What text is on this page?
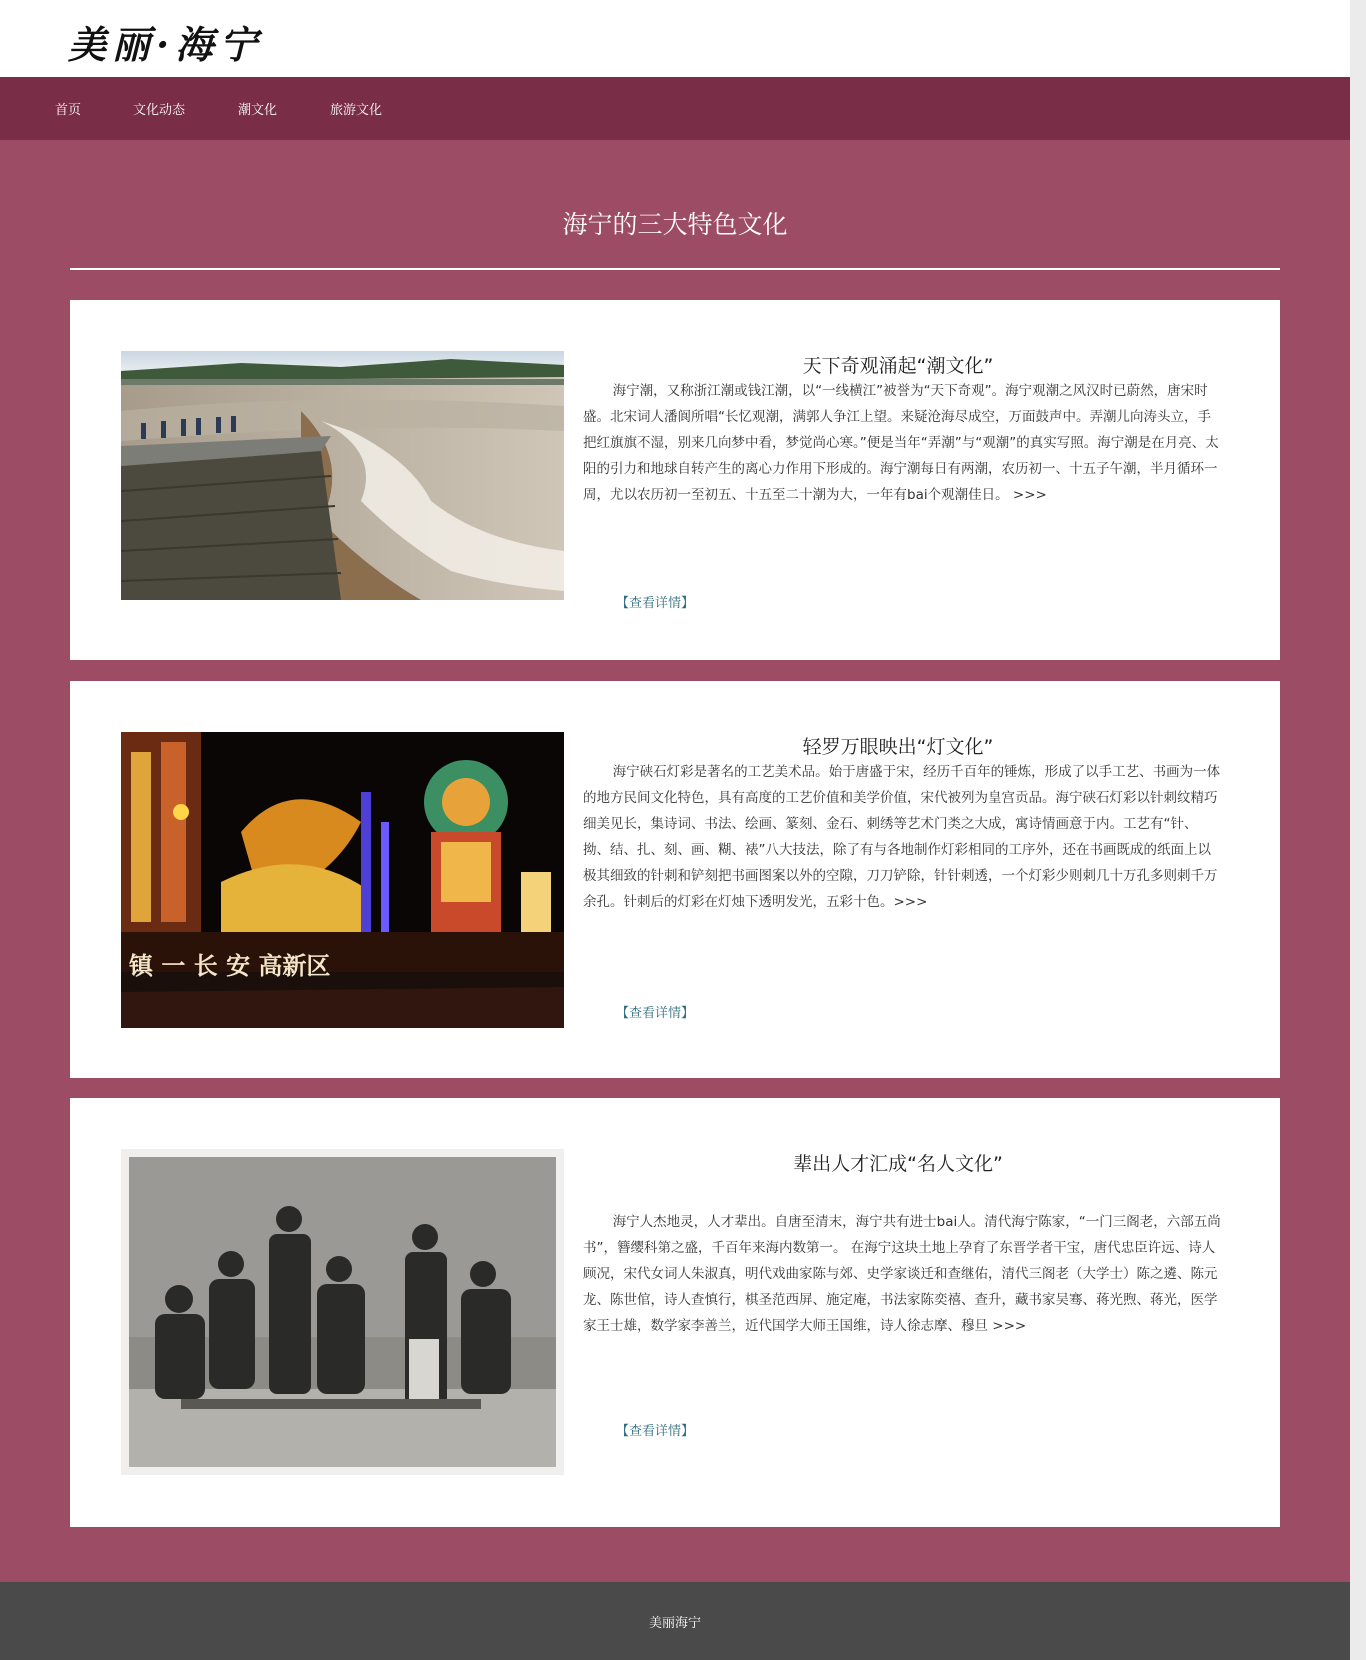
美丽·海宁
首页	文化动态	潮文化	旅游文化
海宁的三大特色文化
天下奇观涌起“潮文化”
海宁潮，又称浙江潮或钱江潮，以“一线横江”被誉为“天下奇观”。海宁观潮之风汉时已蔚然，唐宋时盛。北宋词人潘阆所唱“长忆观潮，满郭人争江上望。来疑沧海尽成空，万面鼓声中。弄潮儿向涛头立，手把红旗旗不湿，别来几向梦中看，梦觉尚心寒。”便是当年“弄潮”与“观潮”的真实写照。海宁潮是在月亮、太阳的引力和地球自转产生的离心力作用下形成的。海宁潮每日有两潮，农历初一、十五子午潮，半月循环一周，尤以农历初一至初五、十五至二十潮为大，一年有bai个观潮佳日。 >>>
【查看详情】
镇 一 长 安 高新区
轻罗万眼映出“灯文化”
海宁硖石灯彩是著名的工艺美术品。始于唐盛于宋，经历千百年的锤炼，形成了以手工艺、书画为一体的地方民间文化特色，具有高度的工艺价值和美学价值，宋代被列为皇宫贡品。海宁硖石灯彩以针刺纹精巧细美见长，集诗词、书法、绘画、篆刻、金石、刺绣等艺术门类之大成，寓诗情画意于内。工艺有“针、拗、结、扎、刻、画、糊、裱”八大技法，除了有与各地制作灯彩相同的工序外，还在书画既成的纸面上以极其细致的针刺和铲刻把书画图案以外的空隙，刀刀铲除，针针刺透，一个灯彩少则刺几十万孔多则刺千万余孔。针刺后的灯彩在灯烛下透明发光，五彩十色。>>>
【查看详情】
辈出人才汇成“名人文化”
海宁人杰地灵，人才辈出。自唐至清末，海宁共有进士bai人。清代海宁陈家，“一门三阁老，六部五尚书”，簪缨科第之盛，千百年来海内数第一。 在海宁这块土地上孕育了东晋学者干宝，唐代忠臣许远、诗人顾况，宋代女词人朱淑真，明代戏曲家陈与郊、史学家谈迁和查继佑，清代三阁老（大学士）陈之遴、陈元龙、陈世倌，诗人查慎行，棋圣范西屏、施定庵，书法家陈奕禧、查升，藏书家吴骞、蒋光煦、蒋光，医学家王士雄，数学家李善兰，近代国学大师王国维，诗人徐志摩、穆旦 >>>
【查看详情】
美丽海宁
